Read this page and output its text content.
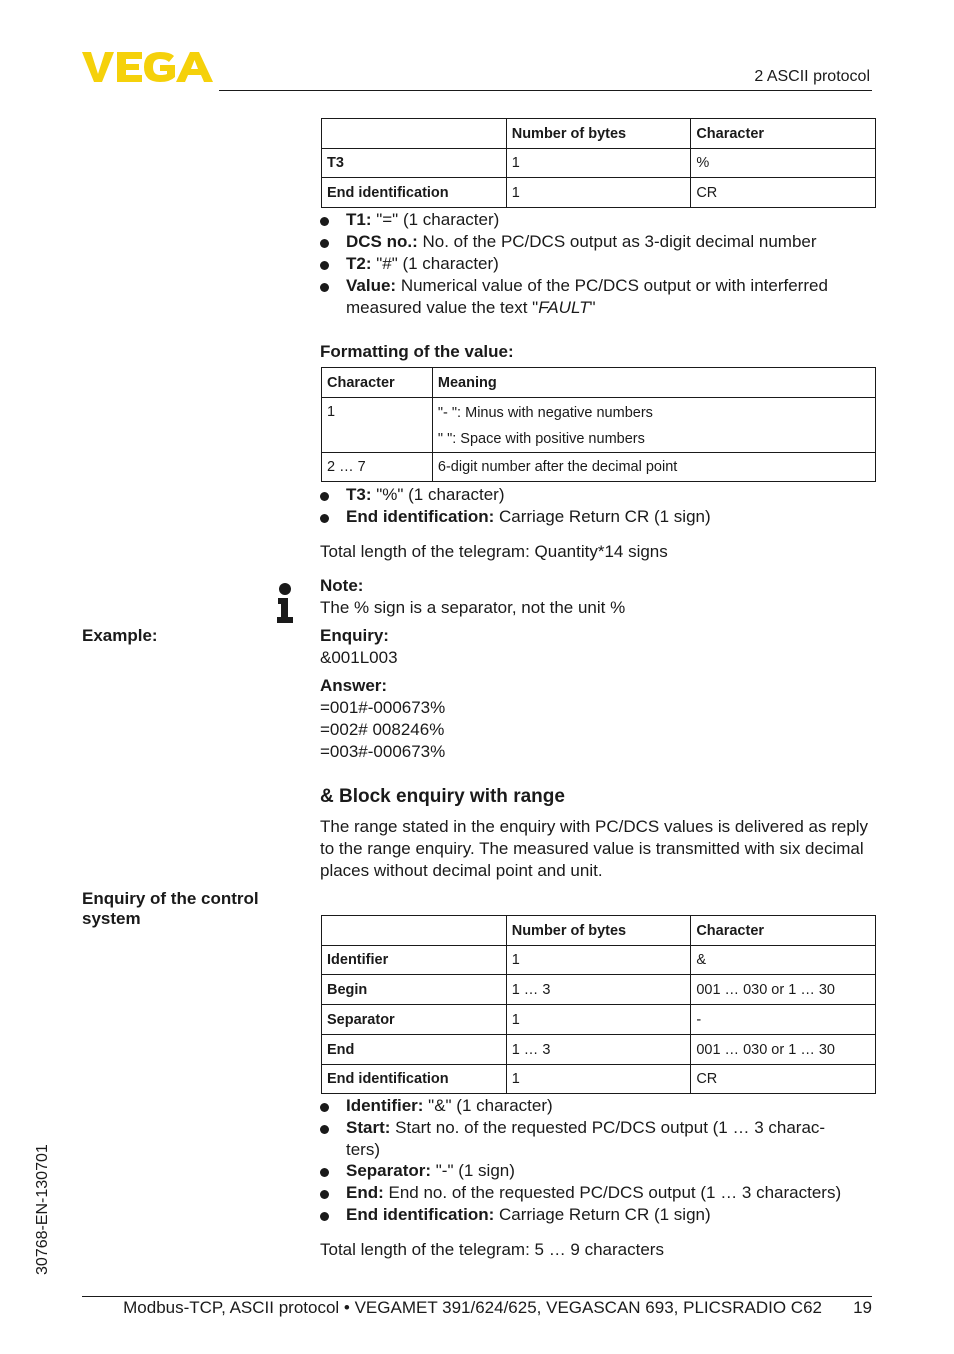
VEGA
2 ASCII protocol
	Number of bytes	Character
T3	1	%
End identification	1	CR
T1: "=" (1 character)
DCS no.: No. of the PC/DCS output as 3-digit decimal number
T2: "#" (1 character)
Value: Numerical value of the PC/DCS output or with interferred measured value the text "FAULT"
Formatting of the value:
Character	Meaning
1	"- ": Minus with negative numbers
" ": Space with positive numbers

2 … 7	6-digit number after the decimal point
T3: "%" (1 character)
End identification: Carriage Return CR (1 sign)
Total length of the telegram: Quantity*14 signs
Note:
The % sign is a separator, not the unit %
Example:	Enquiry:
&001L003
Answer:
=001#-000673%
=002# 008246%
=003#-000673%
& Block enquiry with range
The range stated in the enquiry with PC/DCS values is delivered as reply to the range enquiry. The measured value is transmitted with six decimal places without decimal point and unit.
Enquiry of the control
system
	Number of bytes	Character
Identifier	1	&
Begin	1 … 3	001 … 030 or 1 … 30
Separator	1	-
End	1 … 3	001 … 030 or 1 … 30
End identification	1	CR
Identifier: "&" (1 character)
Start: Start no. of the requested PC/DCS output (1 … 3 charac-
ters)
Separator: "-" (1 sign)
End: End no. of the requested PC/DCS output (1 … 3 characters)
End identification: Carriage Return CR (1 sign)
Total length of the telegram: 5 … 9 characters
30768-EN-130701
Modbus-TCP, ASCII protocol • VEGAMET 391/624/625, VEGASCAN 693, PLICSRADIO C62 19
